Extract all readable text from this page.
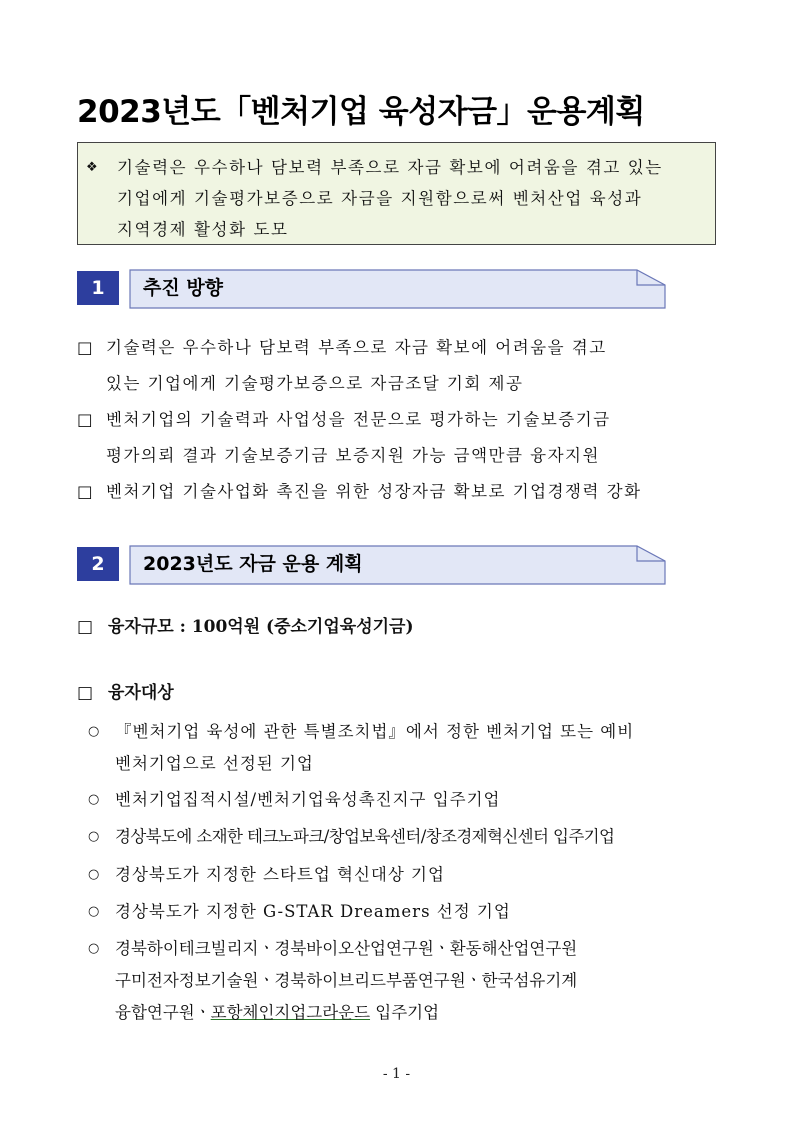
2023년도「벤처기업 육성자금」운용계획
❖ 기술력은 우수하나 담보력 부족으로 자금 확보에 어려움을 겪고 있는
기업에게 기술평가보증으로 자금을 지원함으로써 벤처산업 육성과
지역경제 활성화 도모
1	추진 방향
□ 기술력은 우수하나 담보력 부족으로 자금 확보에 어려움을 겪고
있는 기업에게 기술평가보증으로 자금조달 기회 제공
□ 벤처기업의 기술력과 사업성을 전문으로 평가하는 기술보증기금
평가의뢰 결과 기술보증기금 보증지원 가능 금액만큼 융자지원
□ 벤처기업 기술사업화 촉진을 위한 성장자금 확보로 기업경쟁력 강화
2	2023년도 자금 운용 계획
□ 융자규모 : 100억원 (중소기업육성기금)
□ 융자대상
○ 『벤처기업 육성에 관한 특별조치법』에서 정한 벤처기업 또는 예비
벤처기업으로 선정된 기업
○ 벤처기업집적시설/벤처기업육성촉진지구 입주기업
○ 경상북도에 소재한 테크노파크/창업보육센터/창조경제혁신센터 입주기업
○ 경상북도가 지정한 스타트업 혁신대상 기업
○ 경상북도가 지정한 G-STAR Dreamers 선정 기업
○ 경북하이테크빌리지ㆍ경북바이오산업연구원ㆍ환동해산업연구원
구미전자정보기술원ㆍ경북하이브리드부품연구원ㆍ한국섬유기계
융합연구원ㆍ포항체인지업그라운드 입주기업
- 1 -
